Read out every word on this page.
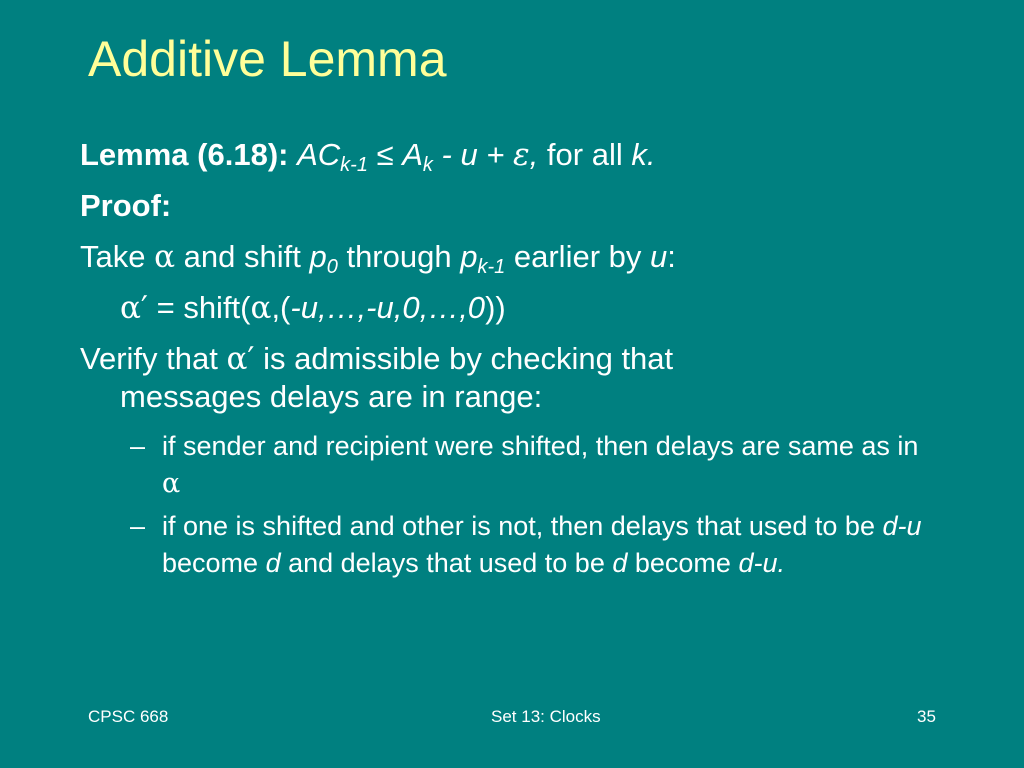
Additive Lemma
Lemma (6.18): $AC_{k-1} \le A_k - u + \varepsilon$, for all k.
Proof:
Take α and shift $p_0$ through $p_{k-1}$ earlier by u:
α′ = shift(α,(-u,…,-u,0,…,0))
Verify that α′ is admissible by checking that
messages delays are in range:
– if sender and recipient were shifted, then delays are same as in α
– if one is shifted and other is not, then delays that used to be d-u become d and delays that used to be d become d-u.
CPSC 668	Set 13: Clocks	35
